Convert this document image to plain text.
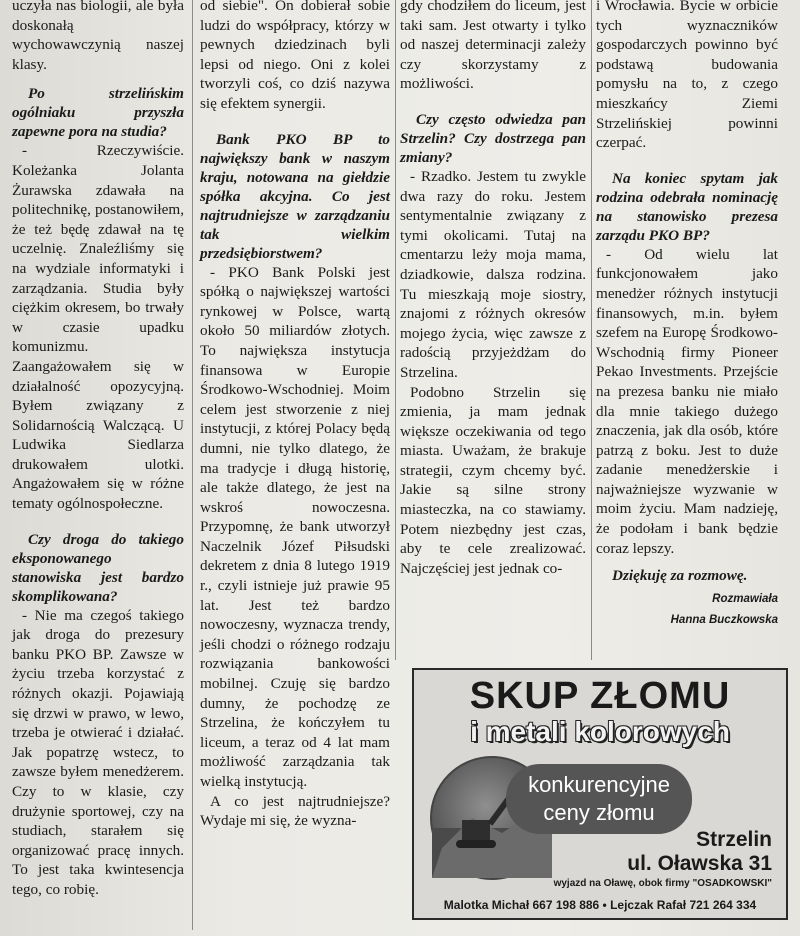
uczyła nas biologii, ale była doskonałą wychowawczynią naszej klasy.

Po strzelińskim ogólniaku przyszła zapewne pora na studia?

- Rzeczywiście. Koleżanka Jolanta Żurawska zdawała na politechnikę, postanowiłem, że też będę zdawał na tę uczelnię. Znaleźliśmy się na wydziale informatyki i zarządzania. Studia były ciężkim okresem, bo trwały w czasie upadku komunizmu. Zaangażowałem się w działalność opozycyjną. Byłem związany z Solidarnością Walczącą. U Ludwika Siedlarza drukowałem ulotki. Angażowałem się w różne tematy ogólnospołeczne.

Czy droga do takiego eksponowanego stanowiska jest bardzo skomplikowana?

- Nie ma czegoś takiego jak droga do prezesury banku PKO BP. Zawsze w życiu trzeba korzystać z różnych okazji. Pojawiają się drzwi w prawo, w lewo, trzeba je otwierać i działać. Jak popatrzę wstecz, to zawsze byłem menedżerem. Czy to w klasie, czy drużynie sportowej, czy na studiach, starałem się organizować pracę innych. To jest taka kwintesencja tego, co robię.

od siebie". On dobierał sobie ludzi do współpracy, którzy w pewnych dziedzinach byli lepsi od niego. Oni z kolei tworzyli coś, co dziś nazywa się efektem synergii.

Bank PKO BP to największy bank w naszym kraju, notowana na giełdzie spółka akcyjna. Co jest najtrudniejsze w zarządzaniu tak wielkim przedsiębiorstwem?

- PKO Bank Polski jest spółką o największej wartości rynkowej w Polsce, wartą około 50 miliardów złotych. To największa instytucja finansowa w Europie Środkowo-Wschodniej. Moim celem jest stworzenie z niej instytucji, z której Polacy będą dumni, nie tylko dlatego, że ma tradycje i długą historię, ale także dlatego, że jest na wskroś nowoczesna. Przypomnę, że bank utworzył Naczelnik Józef Piłsudski dekretem z dnia 8 lutego 1919 r., czyli istnieje już prawie 95 lat. Jest też bardzo nowoczesny, wyznacza trendy, jeśli chodzi o różnego rodzaju rozwiązania bankowości mobilnej. Czuję się bardzo dumny, że pochodzę ze Strzelina, że kończyłem tu liceum, a teraz od 4 lat mam możliwość zarządzania tak wielką instytucją.

A co jest najtrudniejsze? Wydaje mi się, że wyzna-

gdy chodziłem do liceum, jest taki sam. Jest otwarty i tylko od naszej determinacji zależy czy skorzystamy z możliwości.

Czy często odwiedza pan Strzelin? Czy dostrzega pan zmiany?

- Rzadko. Jestem tu zwykle dwa razy do roku. Jestem sentymentalnie związany z tymi okolicami. Tutaj na cmentarzu leży moja mama, dziadkowie, dalsza rodzina. Tu mieszkają moje siostry, znajomi z różnych okresów mojego życia, więc zawsze z radością przyjeżdżam do Strzelina.

Podobno Strzelin się zmienia, ja mam jednak większe oczekiwania od tego miasta. Uważam, że brakuje strategii, czym chcemy być. Jakie są silne strony miasteczka, na co stawiamy. Potem niezbędny jest czas, aby te cele zrealizować. Najczęściej jest jednak co-

i Wrocławia. Bycie w orbicie tych wyznaczników gospodarczych powinno być podstawą budowania pomysłu na to, z czego mieszkańcy Ziemi Strzelińskiej powinni czerpać.

Na koniec spytam jak rodzina odebrała nominację na stanowisko prezesa zarządu PKO BP?

- Od wielu lat funkcjonowałem jako menedżer różnych instytucji finansowych, m.in. byłem szefem na Europę Środkowo-Wschodnią firmy Pioneer Pekao Investments. Przejście na prezesa banku nie miało dla mnie takiego dużego znaczenia, jak dla osób, które patrzą z boku. Jest to duże zadanie menedżerskie i najważniejsze wyzwanie w moim życiu. Mam nadzieję, że podołam i bank będzie coraz lepszy.

Dziękuję za rozmowę.

Rozmawiała

Hanna Buczkowska

SKUP ZŁOMU
i metali kolorowych
konkurencyjne
ceny złomu
Strzelin
ul. Oławska 31
wyjazd na Oławę, obok firmy "OSADKOWSKI"
Malotka Michał 667 198 886 • Lejczak Rafał 721 264 334
